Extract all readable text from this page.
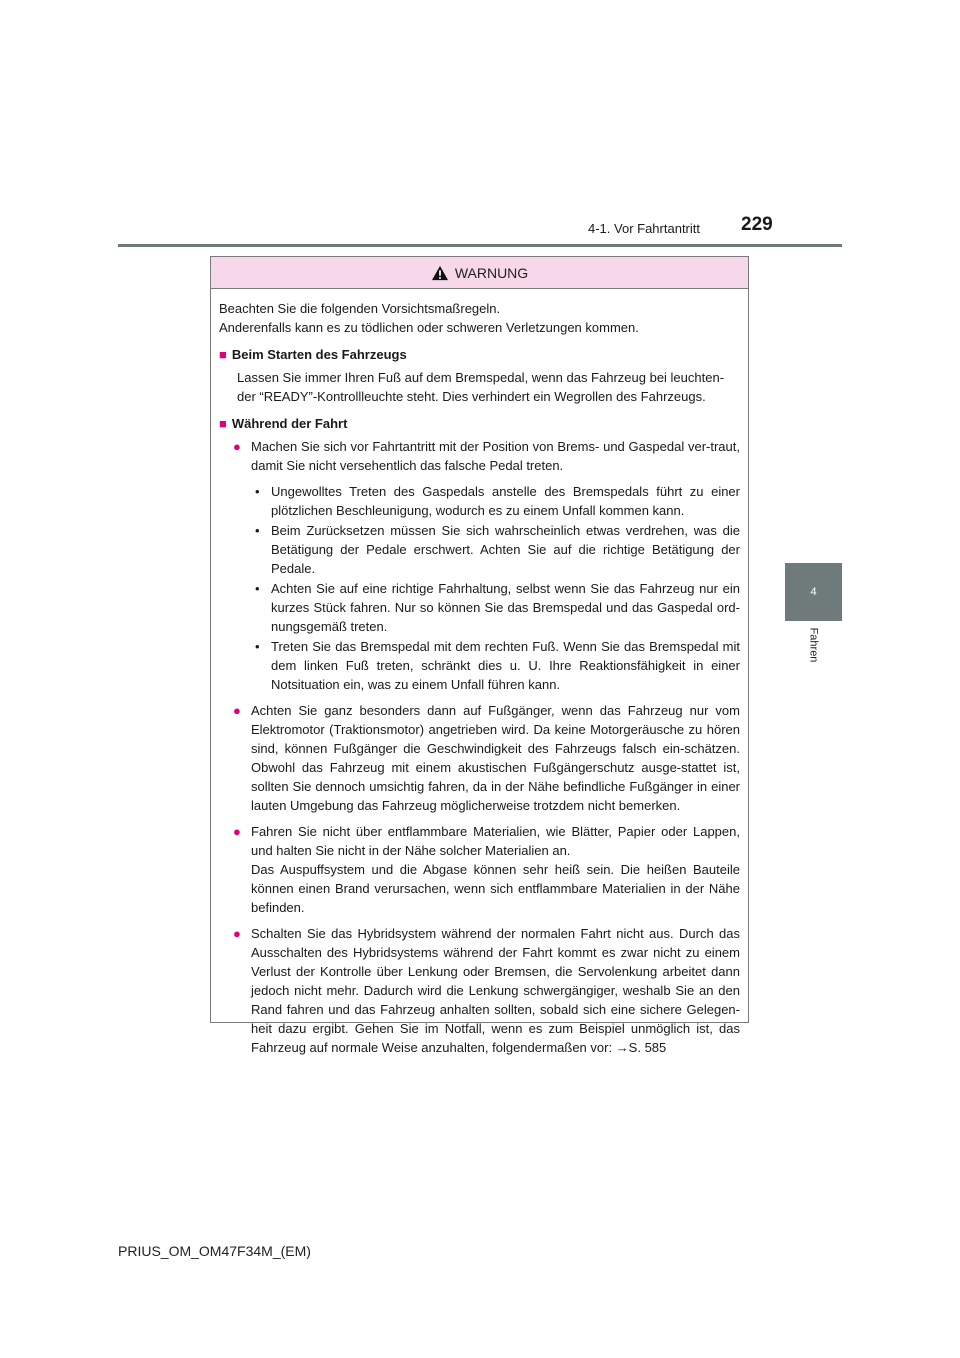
4-1. Vor Fahrtantritt 229
4
Fahren
WARNUNG
Beachten Sie die folgenden Vorsichtsmaßregeln.
Anderenfalls kann es zu tödlichen oder schweren Verletzungen kommen.
■ Beim Starten des Fahrzeugs
Lassen Sie immer Ihren Fuß auf dem Bremspedal, wenn das Fahrzeug bei leuchten-der “READY”-Kontrollleuchte steht. Dies verhindert ein Wegrollen des Fahrzeugs.
■ Während der Fahrt
● Machen Sie sich vor Fahrtantritt mit der Position von Brems- und Gaspedal ver-traut, damit Sie nicht versehentlich das falsche Pedal treten.
• Ungewolltes Treten des Gaspedals anstelle des Bremspedals führt zu einer plötzlichen Beschleunigung, wodurch es zu einem Unfall kommen kann.
• Beim Zurücksetzen müssen Sie sich wahrscheinlich etwas verdrehen, was die Betätigung der Pedale erschwert. Achten Sie auf die richtige Betätigung der Pedale.
• Achten Sie auf eine richtige Fahrhaltung, selbst wenn Sie das Fahrzeug nur ein kurzes Stück fahren. Nur so können Sie das Bremspedal und das Gaspedal ord-nungsgemäß treten.
• Treten Sie das Bremspedal mit dem rechten Fuß. Wenn Sie das Bremspedal mit dem linken Fuß treten, schränkt dies u. U. Ihre Reaktionsfähigkeit in einer Notsituation ein, was zu einem Unfall führen kann.
● Achten Sie ganz besonders dann auf Fußgänger, wenn das Fahrzeug nur vom Elektromotor (Traktionsmotor) angetrieben wird. Da keine Motorgeräusche zu hören sind, können Fußgänger die Geschwindigkeit des Fahrzeugs falsch ein-schätzen. Obwohl das Fahrzeug mit einem akustischen Fußgängerschutz ausge-stattet ist, sollten Sie dennoch umsichtig fahren, da in der Nähe befindliche Fußgänger in einer lauten Umgebung das Fahrzeug möglicherweise trotzdem nicht bemerken.
● Fahren Sie nicht über entflammbare Materialien, wie Blätter, Papier oder Lappen, und halten Sie nicht in der Nähe solcher Materialien an.
Das Auspuffsystem und die Abgase können sehr heiß sein. Die heißen Bauteile können einen Brand verursachen, wenn sich entflammbare Materialien in der Nähe befinden.
● Schalten Sie das Hybridsystem während der normalen Fahrt nicht aus. Durch das Ausschalten des Hybridsystems während der Fahrt kommt es zwar nicht zu einem Verlust der Kontrolle über Lenkung oder Bremsen, die Servolenkung arbeitet dann jedoch nicht mehr. Dadurch wird die Lenkung schwergängiger, weshalb Sie an den Rand fahren und das Fahrzeug anhalten sollten, sobald sich eine sichere Gelegen-heit dazu ergibt. Gehen Sie im Notfall, wenn es zum Beispiel unmöglich ist, das Fahrzeug auf normale Weise anzuhalten, folgendermaßen vor: →S. 585
PRIUS_OM_OM47F34M_(EM)
